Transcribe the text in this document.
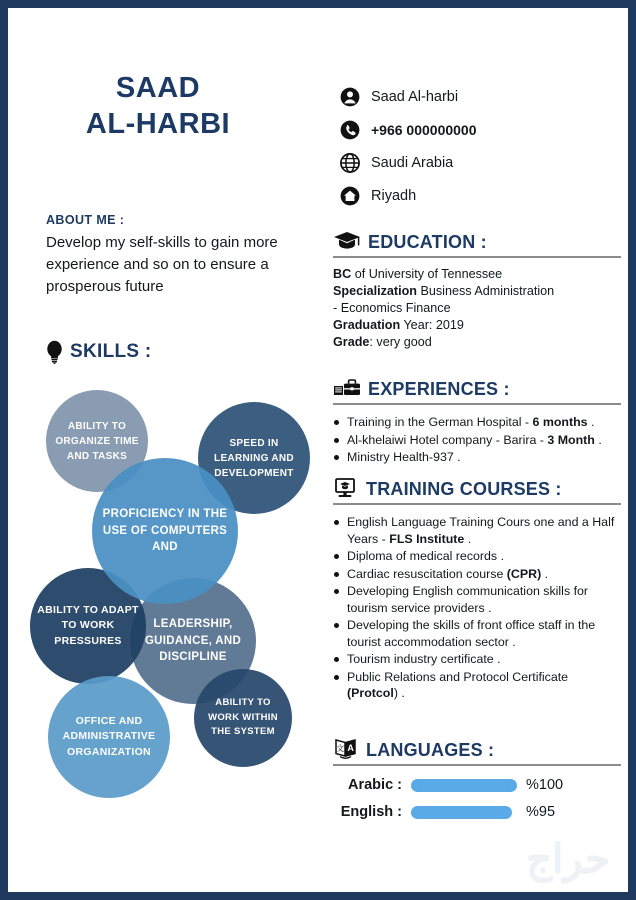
SAAD
AL-HARBI
ABOUT ME :
Develop my self-skills to gain more experience and so on to ensure a prosperous future
SKILLS :
ABILITY TO ORGANIZE TIME AND TASKS
SPEED IN LEARNING AND DEVELOPMENT
PROFICIENCY IN THE USE OF COMPUTERS AND
ABILITY TO ADAPT TO WORK PRESSURES
LEADERSHIP, GUIDANCE, AND DISCIPLINE
ABILITY TO WORK WITHIN THE SYSTEM
OFFICE AND ADMINISTRATIVE ORGANIZATION
Saad Al-harbi
+966 000000000
Saudi Arabia
Riyadh
EDUCATION :
BC of University of Tennessee
Specialization Business Administration
- Economics Finance
Graduation Year: 2019
Grade: very good
EXPERIENCES :
Training in the German Hospital - 6 months .
Al-khelaiwi Hotel company - Barira - 3 Month .
Ministry Health-937 .
TRAINING COURSES :
English Language Training Cours one and a Half Years - FLS Institute .
Diploma of medical records .
Cardiac resuscitation course (CPR) .
Developing English communication skills for tourism service providers .
Developing the skills of front office staff in the tourist accommodation sector .
Tourism industry certificate .
Public Relations and Protocol Certificate (Protcol) .
文 A LANGUAGES :
Arabic :	%100
English :	%95
حراج
